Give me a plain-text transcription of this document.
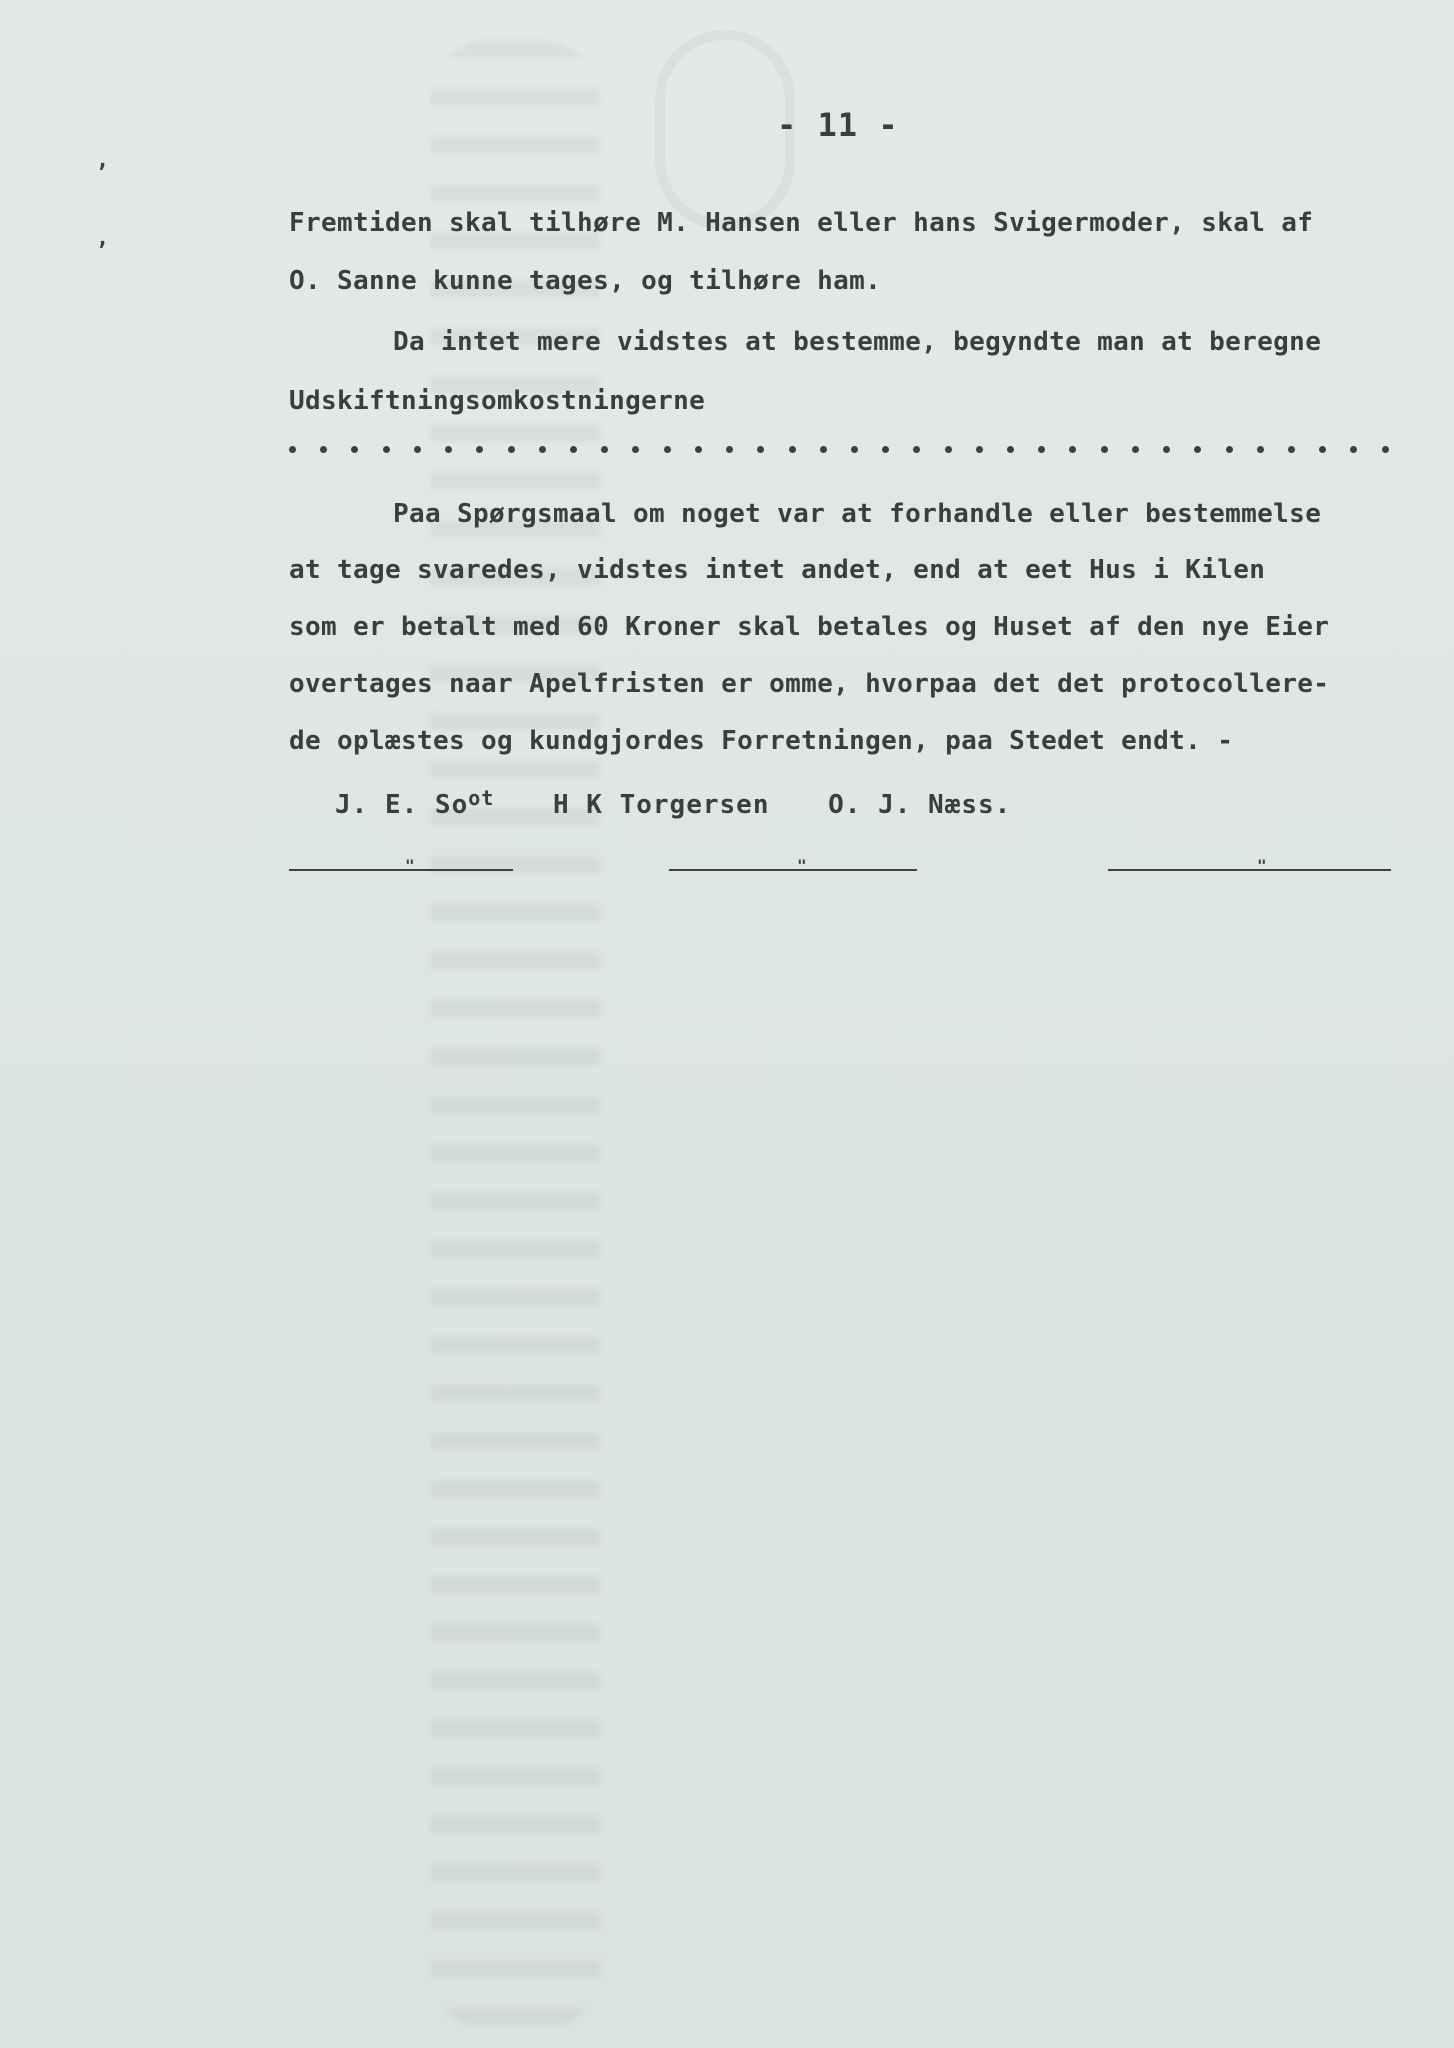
,
,
- 11 -
Fremtiden skal tilhøre M. Hansen eller hans Svigermoder, skal af
O. Sanne kunne tages, og tilhøre ham.
Da intet mere vidstes at bestemme, begyndte man at beregne
Udskiftningsomkostningerne
Paa Spørgsmaal om noget var at forhandle eller bestemmelse
at tage svaredes, vidstes intet andet, end at eet Hus i Kilen
som er betalt med 60 Kroner skal betales og Huset af den nye Eier
overtages naar Apelfristen er omme, hvorpaa det det protocollere-
de oplæstes og kundgjordes Forretningen, paa Stedet endt. -
J. E. $So^{ot}$ H K Torgersen O. J. Næss.
"	"	"
